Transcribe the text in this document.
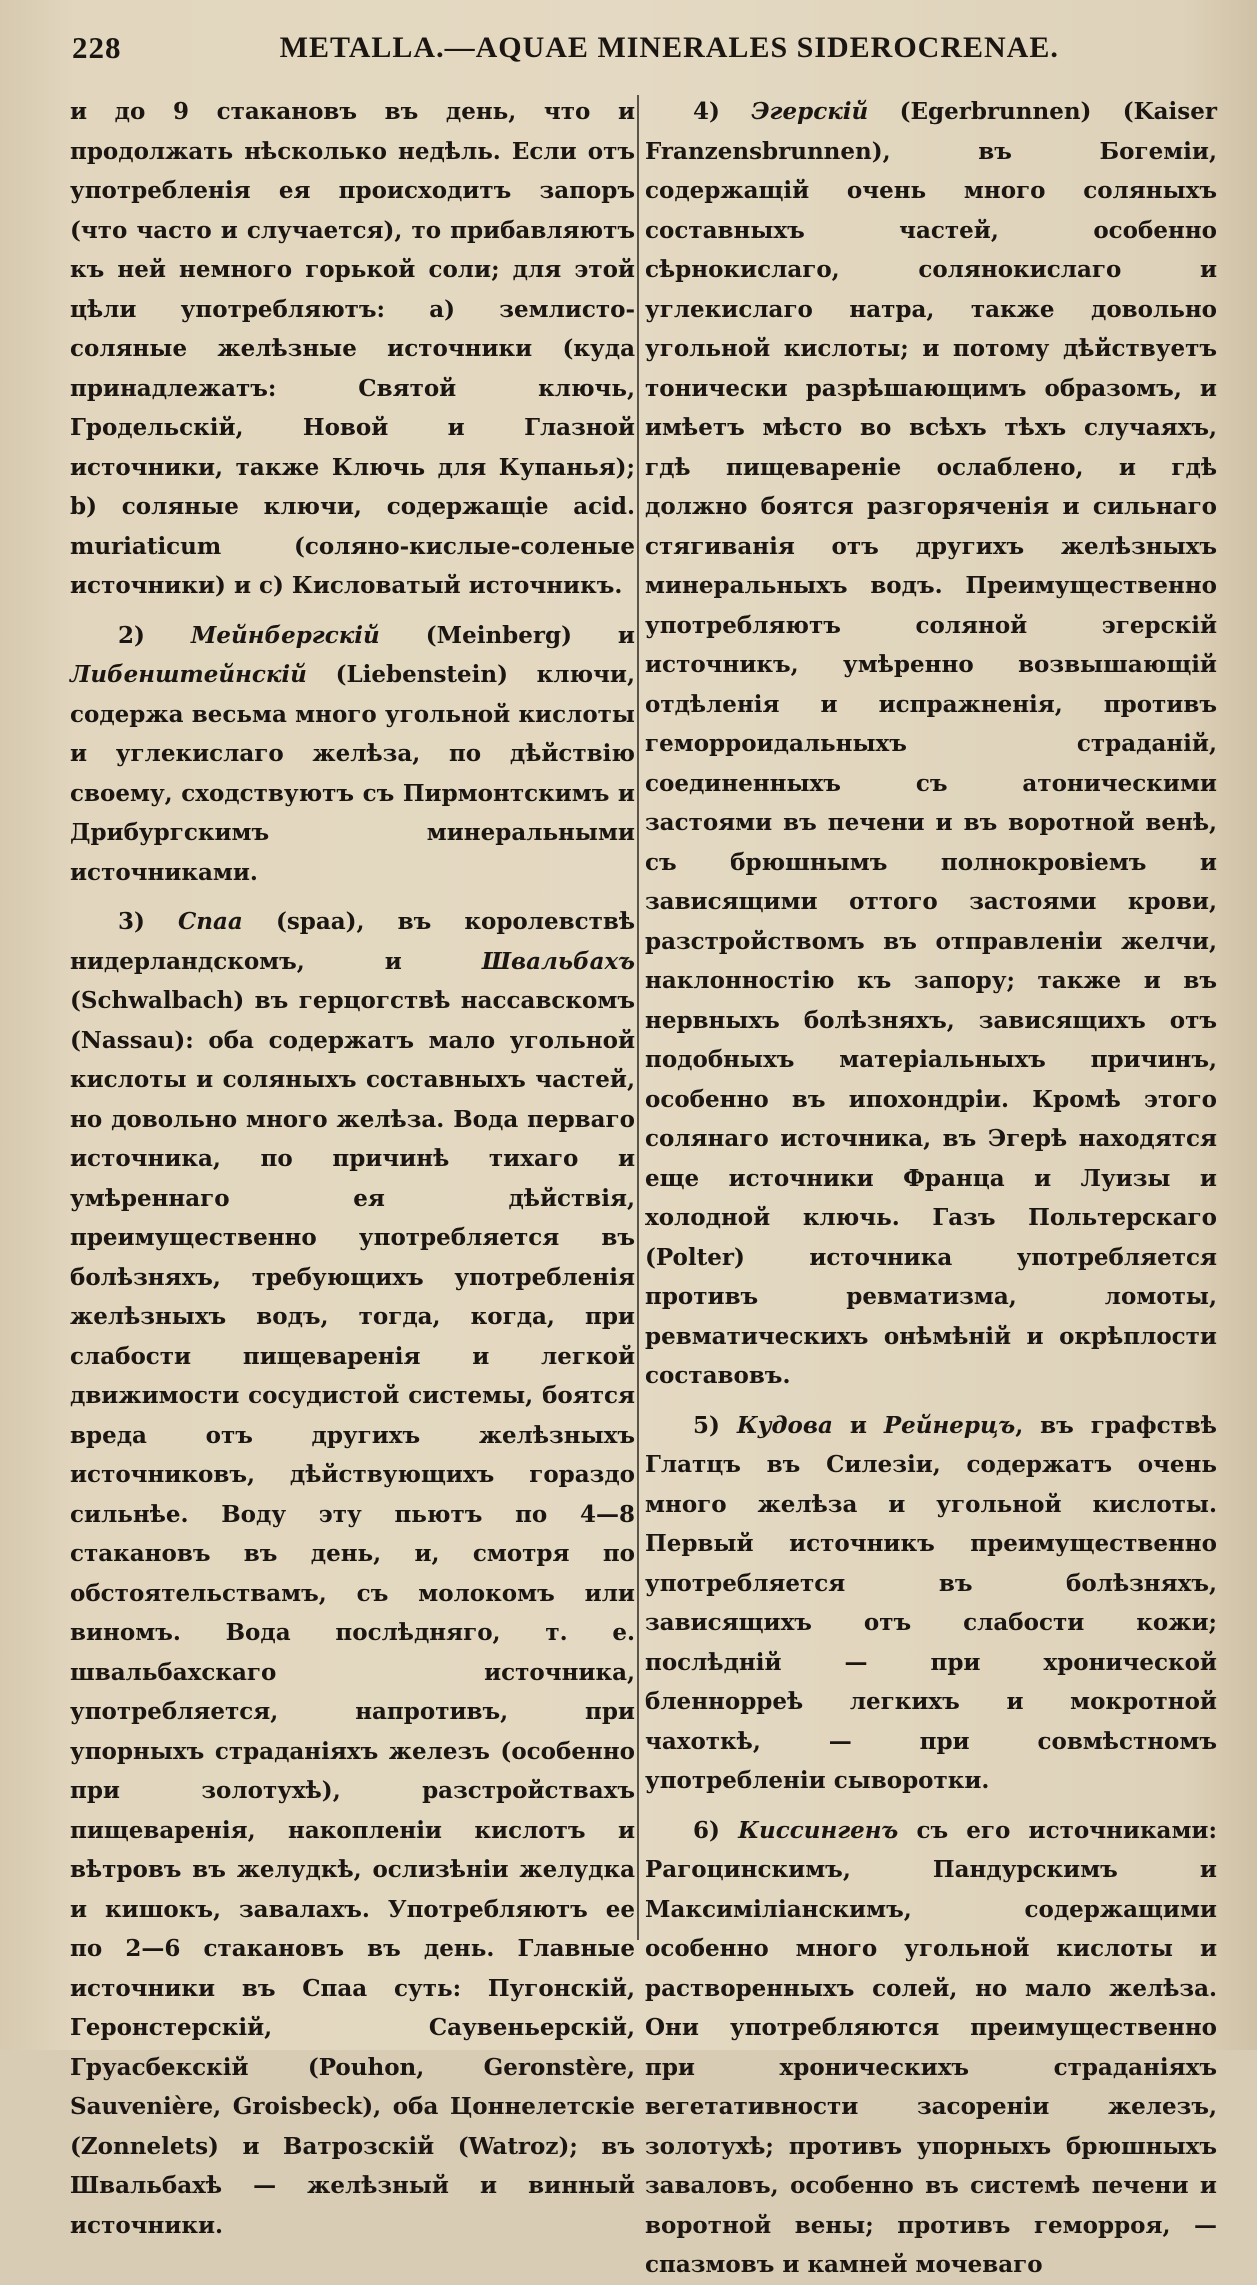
228	METALLA.—AQUAE MINERALES SIDEROCRENAE.

и до 9 стакановъ въ день, что и продолжать нѣсколько недѣль. Если отъ употребленія ея происходитъ запоръ (что часто и случается), то прибавляютъ къ ней немного горькой соли; для этой цѣли употребляютъ: a) землисто-соляные желѣзные источники (куда принадлежатъ: Святой ключь, Гродельскій, Новой и Глазной источники, также Ключь для Купанья); b) соляные ключи, содержащіе acid. muriaticum (соляно-кислые-соленые источники) и c) Кисловатый источникъ.

2) Мейнбергскій (Meinberg) и Либенштейнскій (Liebenstein) ключи, содержа весьма много угольной кислоты и углекислаго желѣза, по дѣйствію своему, сходствуютъ съ Пирмонтскимъ и Дрибургскимъ минеральными источниками.

3) Спаа (spaa), въ королевствѣ нидерландскомъ, и Швальбахъ (Schwalbach) въ герцогствѣ нассавскомъ (Nassau): оба содержатъ мало угольной кислоты и соляныхъ составныхъ частей, но довольно много желѣза. Вода перваго источника, по причинѣ тихаго и умѣреннаго ея дѣйствія, преимущественно употребляется въ болѣзняхъ, требующихъ употребленія желѣзныхъ водъ, тогда, когда, при слабости пищеваренія и легкой движимости сосудистой системы, боятся вреда отъ другихъ желѣзныхъ источниковъ, дѣйствующихъ гораздо сильнѣе. Воду эту пьютъ по 4—8 стакановъ въ день, и, смотря по обстоятельствамъ, съ молокомъ или виномъ. Вода послѣдняго, т. е. швальбахскаго источника, употребляется, напротивъ, при упорныхъ страданіяхъ железъ (особенно при золотухѣ), разстройствахъ пищеваренія, накопленіи кислотъ и вѣтровъ въ желудкѣ, ослизѣніи желудка и кишокъ, завалахъ. Употребляютъ ее по 2—6 стакановъ въ день. Главные источники въ Спаа суть: Пугонскій, Геронстерскій, Саувеньерскій, Груасбекскій (Pouhon, Geronstère, Sauvenière, Groisbeck), оба Цоннелетскіе (Zonnelets) и Ватрозскій (Watroz); въ Швальбахѣ — желѣзный и винный источники.

4) Эгерскій (Egerbrunnen) (Kaiser Franzensbrunnen), въ Богеміи, содержащій очень много соляныхъ составныхъ частей, особенно сѣрнокислаго, солянокислаго и углекислаго натра, также довольно угольной кислоты; и потому дѣйствуетъ тонически разрѣшающимъ образомъ, и имѣетъ мѣсто во всѣхъ тѣхъ случаяхъ, гдѣ пищевареніе ослаблено, и гдѣ должно боятся разгоряченія и сильнаго стягиванія отъ другихъ желѣзныхъ минеральныхъ водъ. Преимущественно употребляютъ соляной эгерскій источникъ, умѣренно возвышающій отдѣленія и испражненія, противъ геморроидальныхъ страданій, соединенныхъ съ атоническими застоями въ печени и въ воротной венѣ, съ брюшнымъ полнокровіемъ и зависящими оттого застоями крови, разстройствомъ въ отправленіи желчи, наклонностію къ запору; также и въ нервныхъ болѣзняхъ, зависящихъ отъ подобныхъ матеріальныхъ причинъ, особенно въ ипохондріи. Кромѣ этого солянаго источника, въ Эгерѣ находятся еще источники Франца и Луизы и холодной ключь. Газъ Польтерскаго (Polter) источника употребляется противъ ревматизма, ломоты, ревматическихъ онѣмѣній и окрѣплости составовъ.

5) Кудова и Рейнерцъ, въ графствѣ Глатцъ въ Силезіи, содержатъ очень много желѣза и угольной кислоты. Первый источникъ преимущественно употребляется въ болѣзняхъ, зависящихъ отъ слабости кожи; послѣдній — при хронической бленнорреѣ легкихъ и мокротной чахоткѣ, — при совмѣстномъ употребленіи сыворотки.

6) Киссингенъ съ его источниками: Рагоцинскимъ, Пандурскимъ и Максиміліанскимъ, содержащими особенно много угольной кислоты и растворенныхъ солей, но мало желѣза. Они употребляются преимущественно при хроническихъ страданіяхъ вегетативности засореніи железъ, золотухѣ; противъ упорныхъ брюшныхъ заваловъ, особенно въ системѣ печени и воротной вены; противъ геморроя, — спазмовъ и камней мочеваго
